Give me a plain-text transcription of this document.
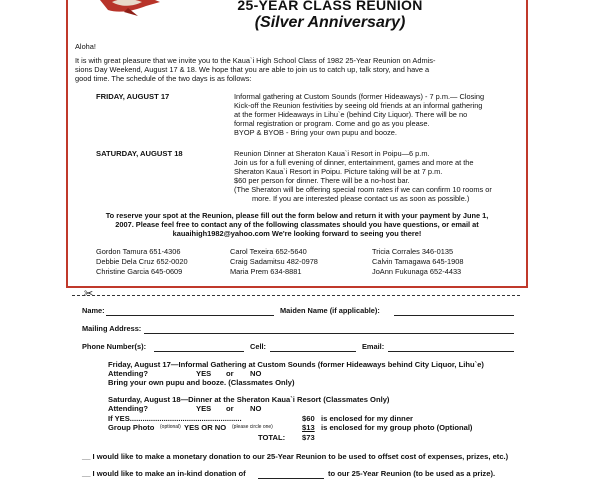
25-YEAR CLASS REUNION
(Silver Anniversary)
Aloha!
It is with great pleasure that we invite you to the Kaua`i High School Class of 1982 25-Year Reunion on Admis-
sions Day Weekend, August 17 & 18. We hope that you are able to join us to catch up, talk story, and have a
good time. The schedule of the two days is as follows:
FRIDAY, AUGUST 17	Informal gathering at Custom Sounds (former Hideaways) - 7 p.m.— Closing
Kick-off the Reunion festivities by seeing old friends at an informal gathering
at the former Hideaways in Lihu`e (behind City Liquor). There will be no
formal registration or program. Come and go as you please.
BYOP & BYOB - Bring your own pupu and booze.
SATURDAY, AUGUST 18	Reunion Dinner at Sheraton Kaua`i Resort in Poipu—6 p.m.
Join us for a full evening of dinner, entertainment, games and more at the
Sheraton Kaua`i Resort in Poipu. Picture taking will be at 7 p.m.
$60 per person for dinner. There will be a no-host bar.
(The Sheraton will be offering special room rates if we can confirm 10 rooms or
more. If you are interested please contact us as soon as possible.)
To reserve your spot at the Reunion, please fill out the form below and return it with your payment by June 1,
2007. Please feel free to contact any of the following classmates should you have questions, or email at
kauaihigh1982@yahoo.com We're looking forward to seeing you there!
Gordon Tamura 651-4306	Carol Texeira 652-5640	Tricia Corrales 346-0135
Debbie Dela Cruz 652-0020	Craig Sadamitsu 482-0978	Calvin Tamagawa 645-1908
Christine Garcia 645-0609	Maria Prem 634-8881	JoAnn Fukunaga 652-4433
✂
Name:	Maiden Name (if applicable):
Mailing Address:
Phone Number(s):	Cell:	Email:
Friday, August 17—Informal Gathering at Custom Sounds (former Hideaways behind City Liquor, Lihu`e)
Attending?	YES or NO
Bring your own pupu and booze. (Classmates Only)
Saturday, August 18—Dinner at the Sheraton Kaua`i Resort (Classmates Only)
Attending?	YES or NO
If YES.....................................................	$60 is enclosed for my dinner
Group Photo (optional) YES OR NO (please circle one)	$13 is enclosed for my group photo (Optional)
TOTAL: $73
__ I would like to make a monetary donation to our 25-Year Reunion to be used to offset cost of expenses, prizes, etc.)
__ I would like to make an in-kind donation of	to our 25-Year Reunion (to be used as a prize).
